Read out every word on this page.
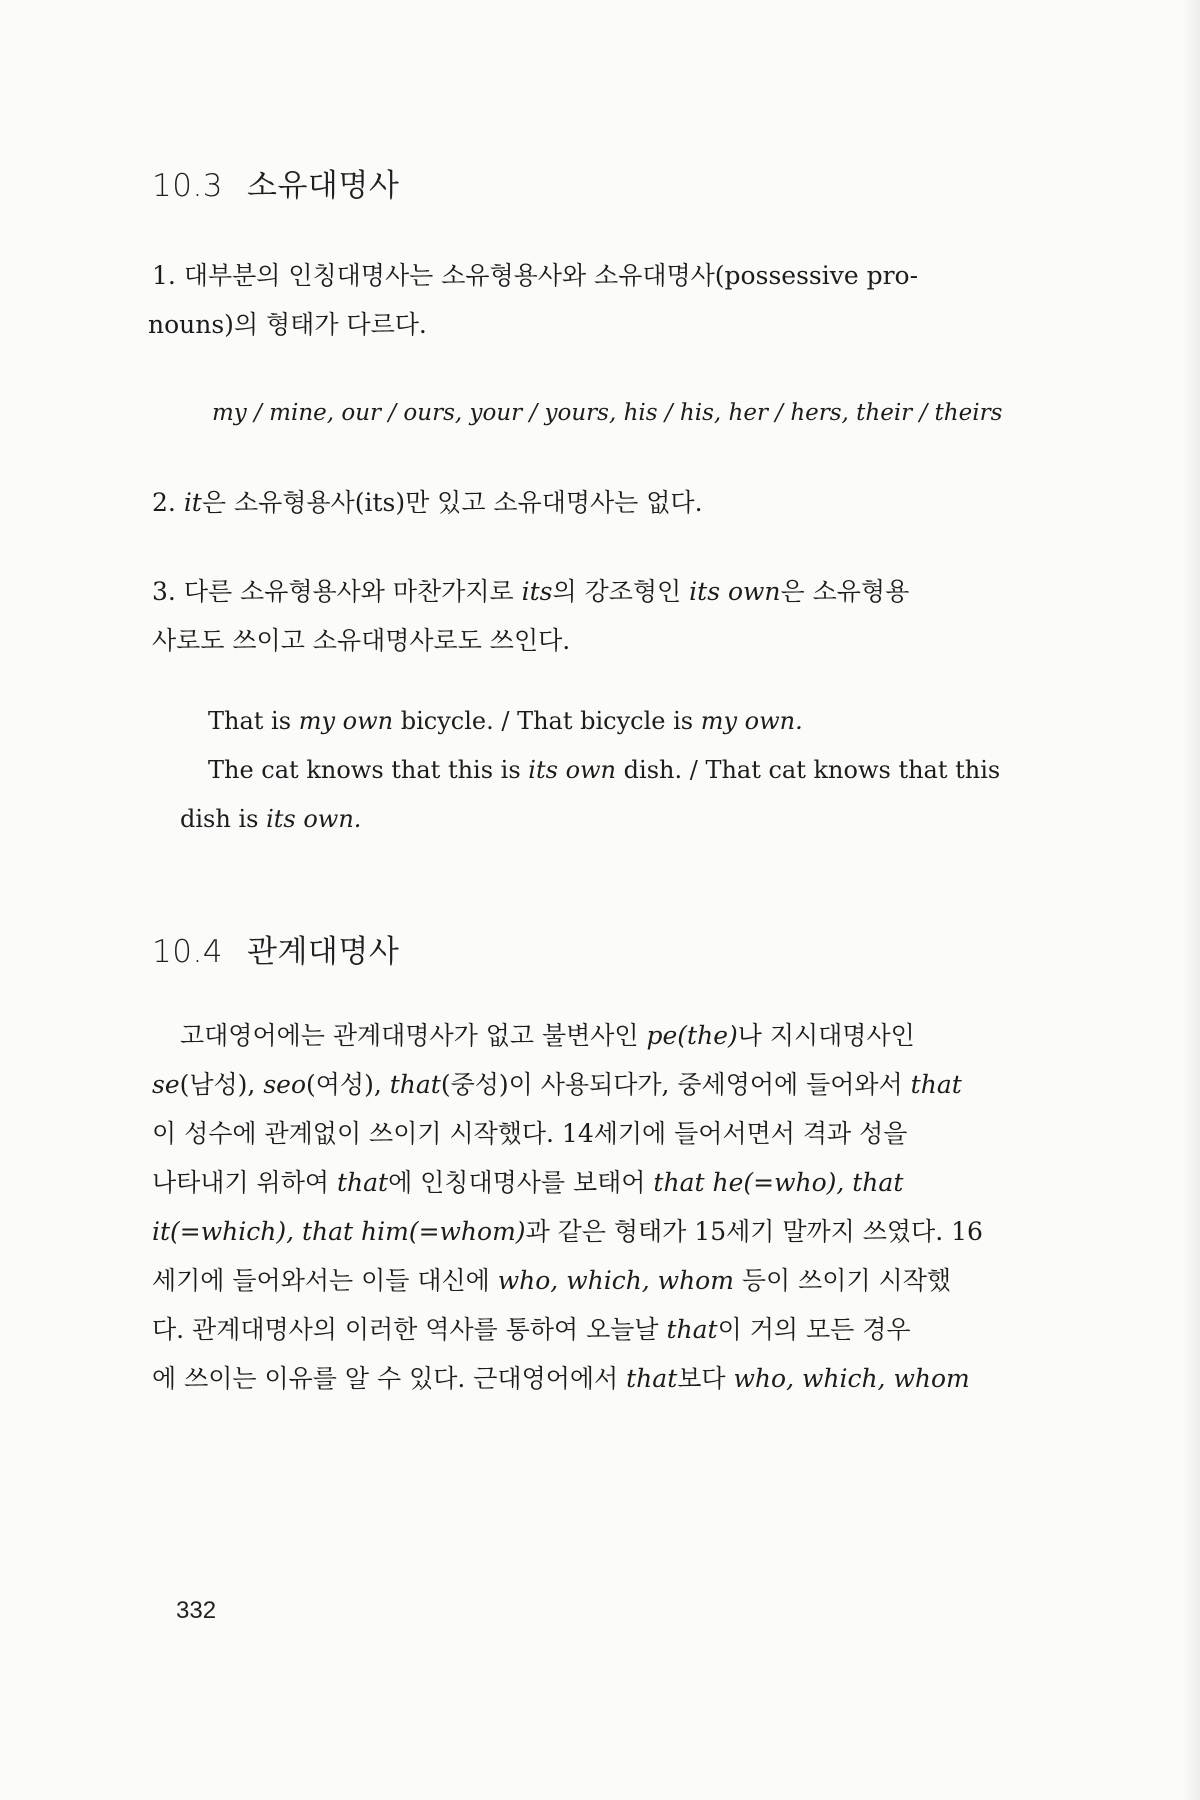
10.3 소유대명사

1. 대부분의 인칭대명사는 소유형용사와 소유대명사(possessive pro-

nouns)의 형태가 다르다.

my / mine, our / ours, your / yours, his / his, her / hers, their / theirs

2. it은 소유형용사(its)만 있고 소유대명사는 없다.

3. 다른 소유형용사와 마찬가지로 its의 강조형인 its own은 소유형용

사로도 쓰이고 소유대명사로도 쓰인다.

That is my own bicycle. / That bicycle is my own.

The cat knows that this is its own dish. / That cat knows that this

dish is its own.

10.4 관계대명사

고대영어에는 관계대명사가 없고 불변사인 pe(the)나 지시대명사인

se(남성), seo(여성), that(중성)이 사용되다가, 중세영어에 들어와서 that

이 성수에 관계없이 쓰이기 시작했다. 14세기에 들어서면서 격과 성을

나타내기 위하여 that에 인칭대명사를 보태어 that he(=who), that

it(=which), that him(=whom)과 같은 형태가 15세기 말까지 쓰였다. 16

세기에 들어와서는 이들 대신에 who, which, whom 등이 쓰이기 시작했

다. 관계대명사의 이러한 역사를 통하여 오늘날 that이 거의 모든 경우

에 쓰이는 이유를 알 수 있다. 근대영어에서 that보다 who, which, whom

332
